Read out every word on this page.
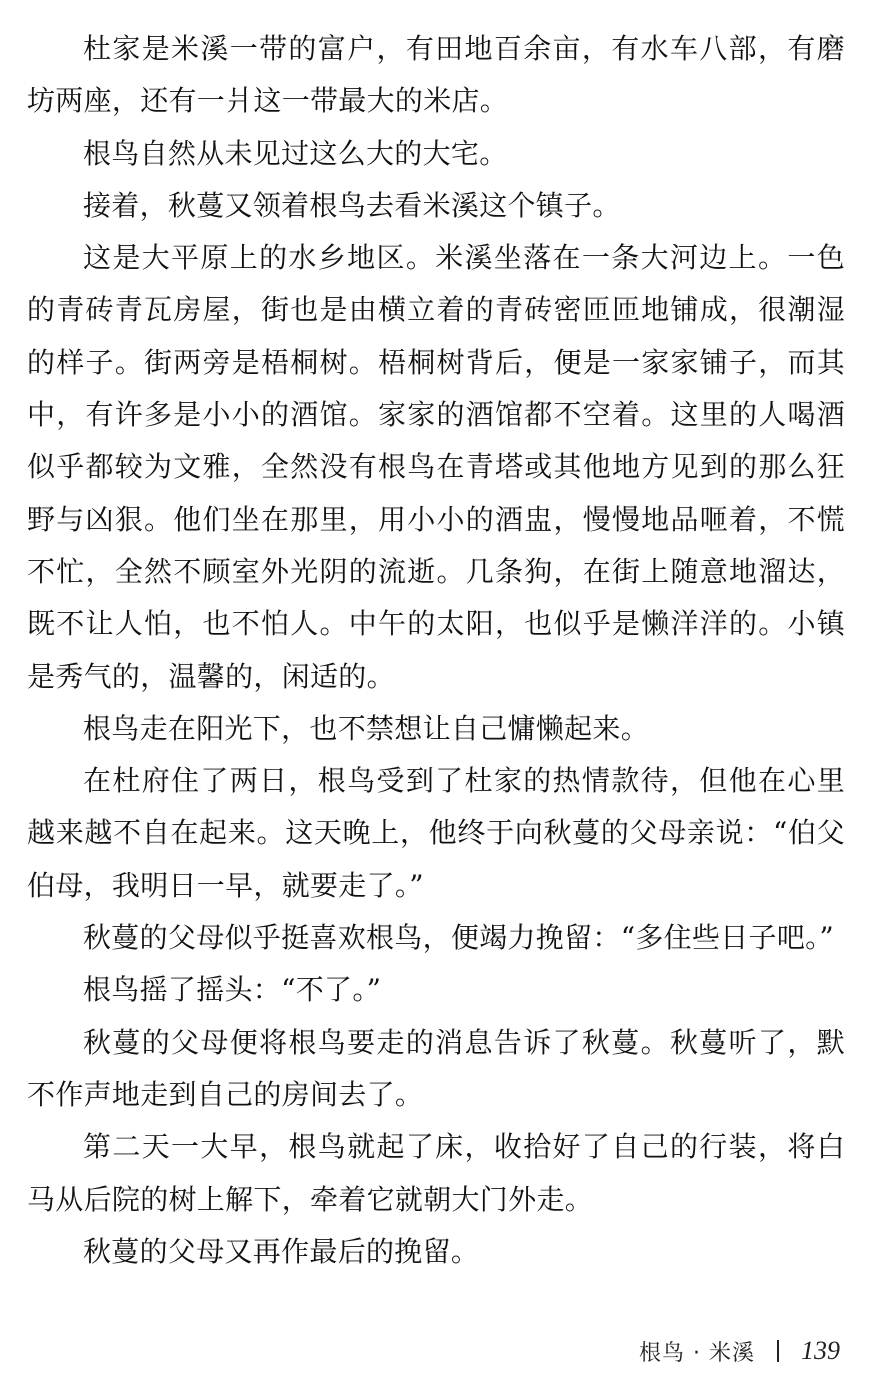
杜家是米溪一带的富户，有田地百余亩，有水车八部，有磨坊两座，还有一爿这一带最大的米店。

根鸟自然从未见过这么大的大宅。

接着，秋蔓又领着根鸟去看米溪这个镇子。

这是大平原上的水乡地区。米溪坐落在一条大河边上。一色的青砖青瓦房屋，街也是由横立着的青砖密匝匝地铺成，很潮湿的样子。街两旁是梧桐树。梧桐树背后，便是一家家铺子，而其中，有许多是小小的酒馆。家家的酒馆都不空着。这里的人喝酒似乎都较为文雅，全然没有根鸟在青塔或其他地方见到的那么狂野与凶狠。他们坐在那里，用小小的酒盅，慢慢地品咂着，不慌不忙，全然不顾室外光阴的流逝。几条狗，在街上随意地溜达，既不让人怕，也不怕人。中午的太阳，也似乎是懒洋洋的。小镇是秀气的，温馨的，闲适的。

根鸟走在阳光下，也不禁想让自己慵懒起来。

在杜府住了两日，根鸟受到了杜家的热情款待，但他在心里越来越不自在起来。这天晚上，他终于向秋蔓的父母亲说：“伯父伯母，我明日一早，就要走了。”

秋蔓的父母似乎挺喜欢根鸟，便竭力挽留：“多住些日子吧。”

根鸟摇了摇头：“不了。”

秋蔓的父母便将根鸟要走的消息告诉了秋蔓。秋蔓听了，默不作声地走到自己的房间去了。

第二天一大早，根鸟就起了床，收拾好了自己的行装，将白马从后院的树上解下，牵着它就朝大门外走。

秋蔓的父母又再作最后的挽留。

根鸟 · 米溪 139
